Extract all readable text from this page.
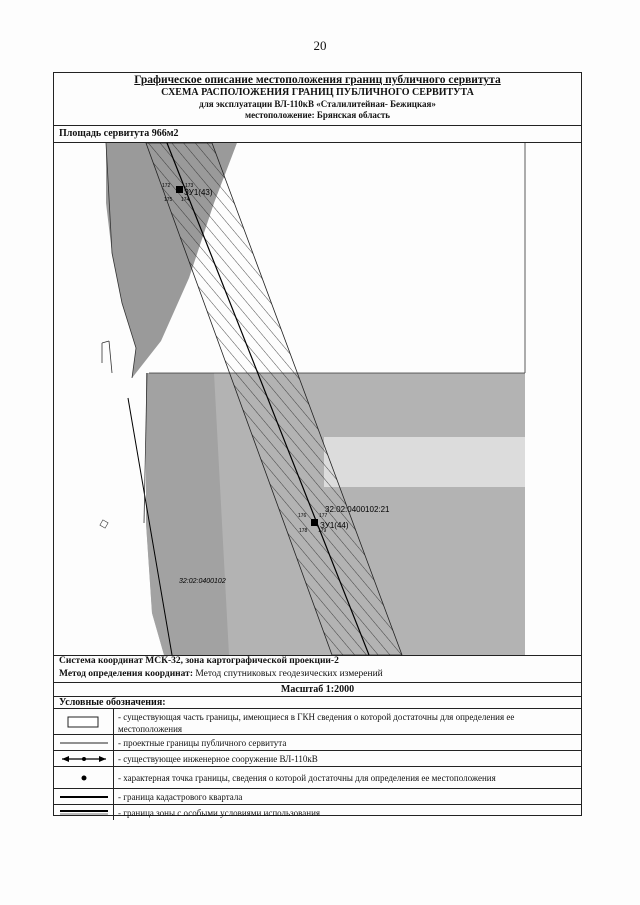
20
Графическое описание местоположения границ публичного сервитута
СХЕМА РАСПОЛОЖЕНИЯ ГРАНИЦ ПУБЛИЧНОГО СЕРВИТУТА
для эксплуатации ВЛ-110кВ «Сталилитейная- Бежицкая»
местоположение: Брянская область
Площадь сервитута 966м2
ЗУ1(43)
ЗУ1(44)
32:02:0400102:21
32:02:0400102
172	173
175 174
176	177
178 179
Система координат МСК-32, зона картографической проекции-2
Метод определения координат: Метод спутниковых геодезических измерений
Масштаб 1:2000
Условные обозначения:
- существующая часть границы, имеющиеся в ГКН сведения о которой достаточны для определения ее местоположения
- проектные границы публичного сервитута
- существующее инженерное сооружение ВЛ-110кВ
- характерная точка границы, сведения о которой достаточны для определения ее местоположения
- граница кадастрового квартала
- граница зоны с особыми условиями использования
